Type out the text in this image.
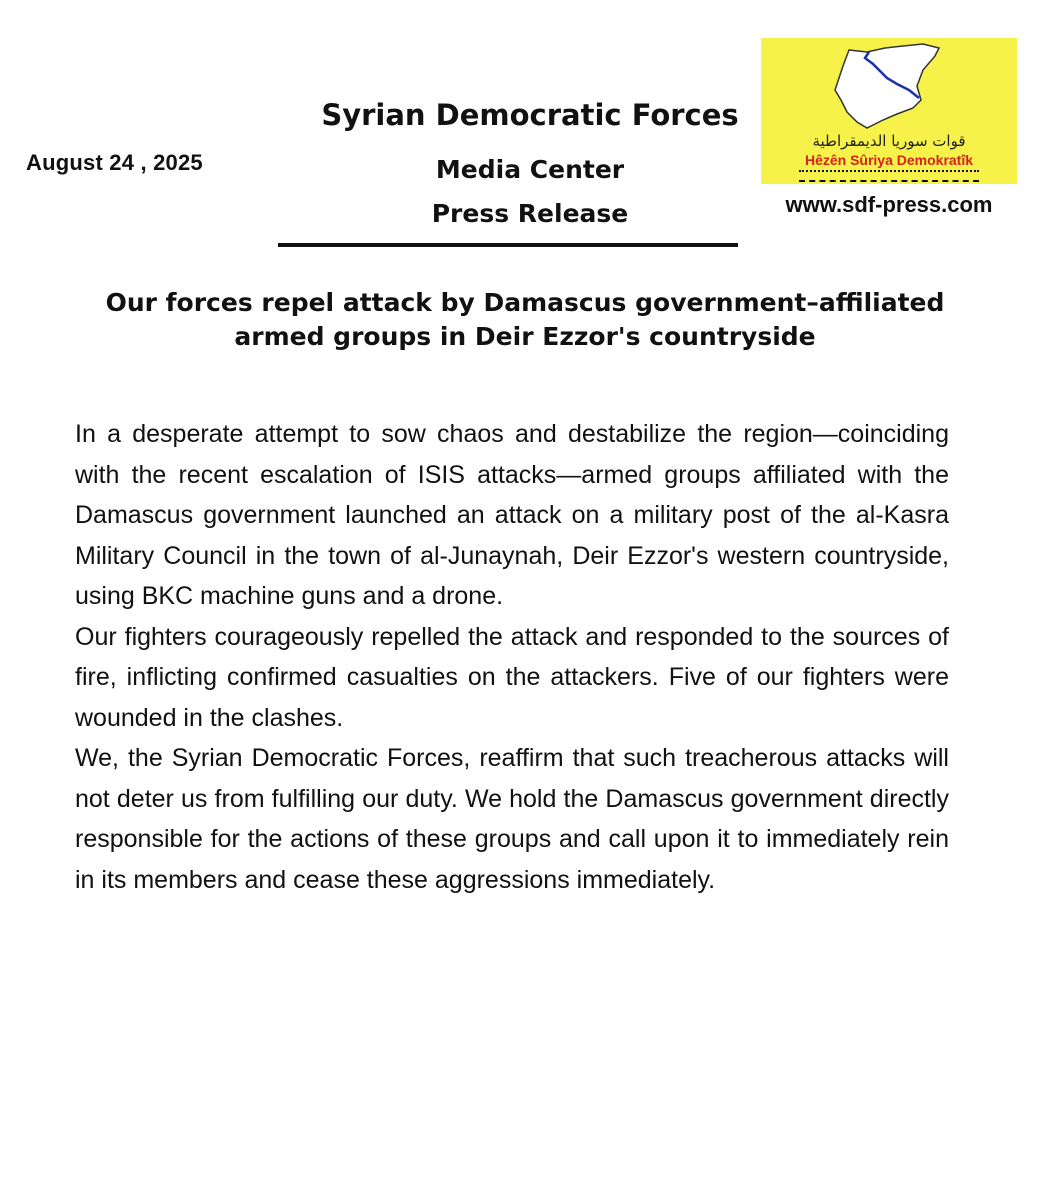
August 24 , 2025
Syrian Democratic Forces
Media Center
Press Release
قوات سوريا الديمقراطية
Hêzên Sûriya Demokratîk
www.sdf-press.com
Our forces repel attack by Damascus government–affiliated armed groups in Deir Ezzor's countryside

In a desperate attempt to sow chaos and destabilize the region—coinciding with the recent escalation of ISIS attacks—armed groups affiliated with the Damascus government launched an attack on a military post of the al-Kasra Military Council in the town of al-Junaynah, Deir Ezzor's western countryside, using BKC machine guns and a drone.

Our fighters courageously repelled the attack and responded to the sources of fire, inflicting confirmed casualties on the attackers. Five of our fighters were wounded in the clashes.

We, the Syrian Democratic Forces, reaffirm that such treacherous attacks will not deter us from fulfilling our duty. We hold the Damascus government directly responsible for the actions of these groups and call upon it to immediately rein in its members and cease these aggressions immediately.
